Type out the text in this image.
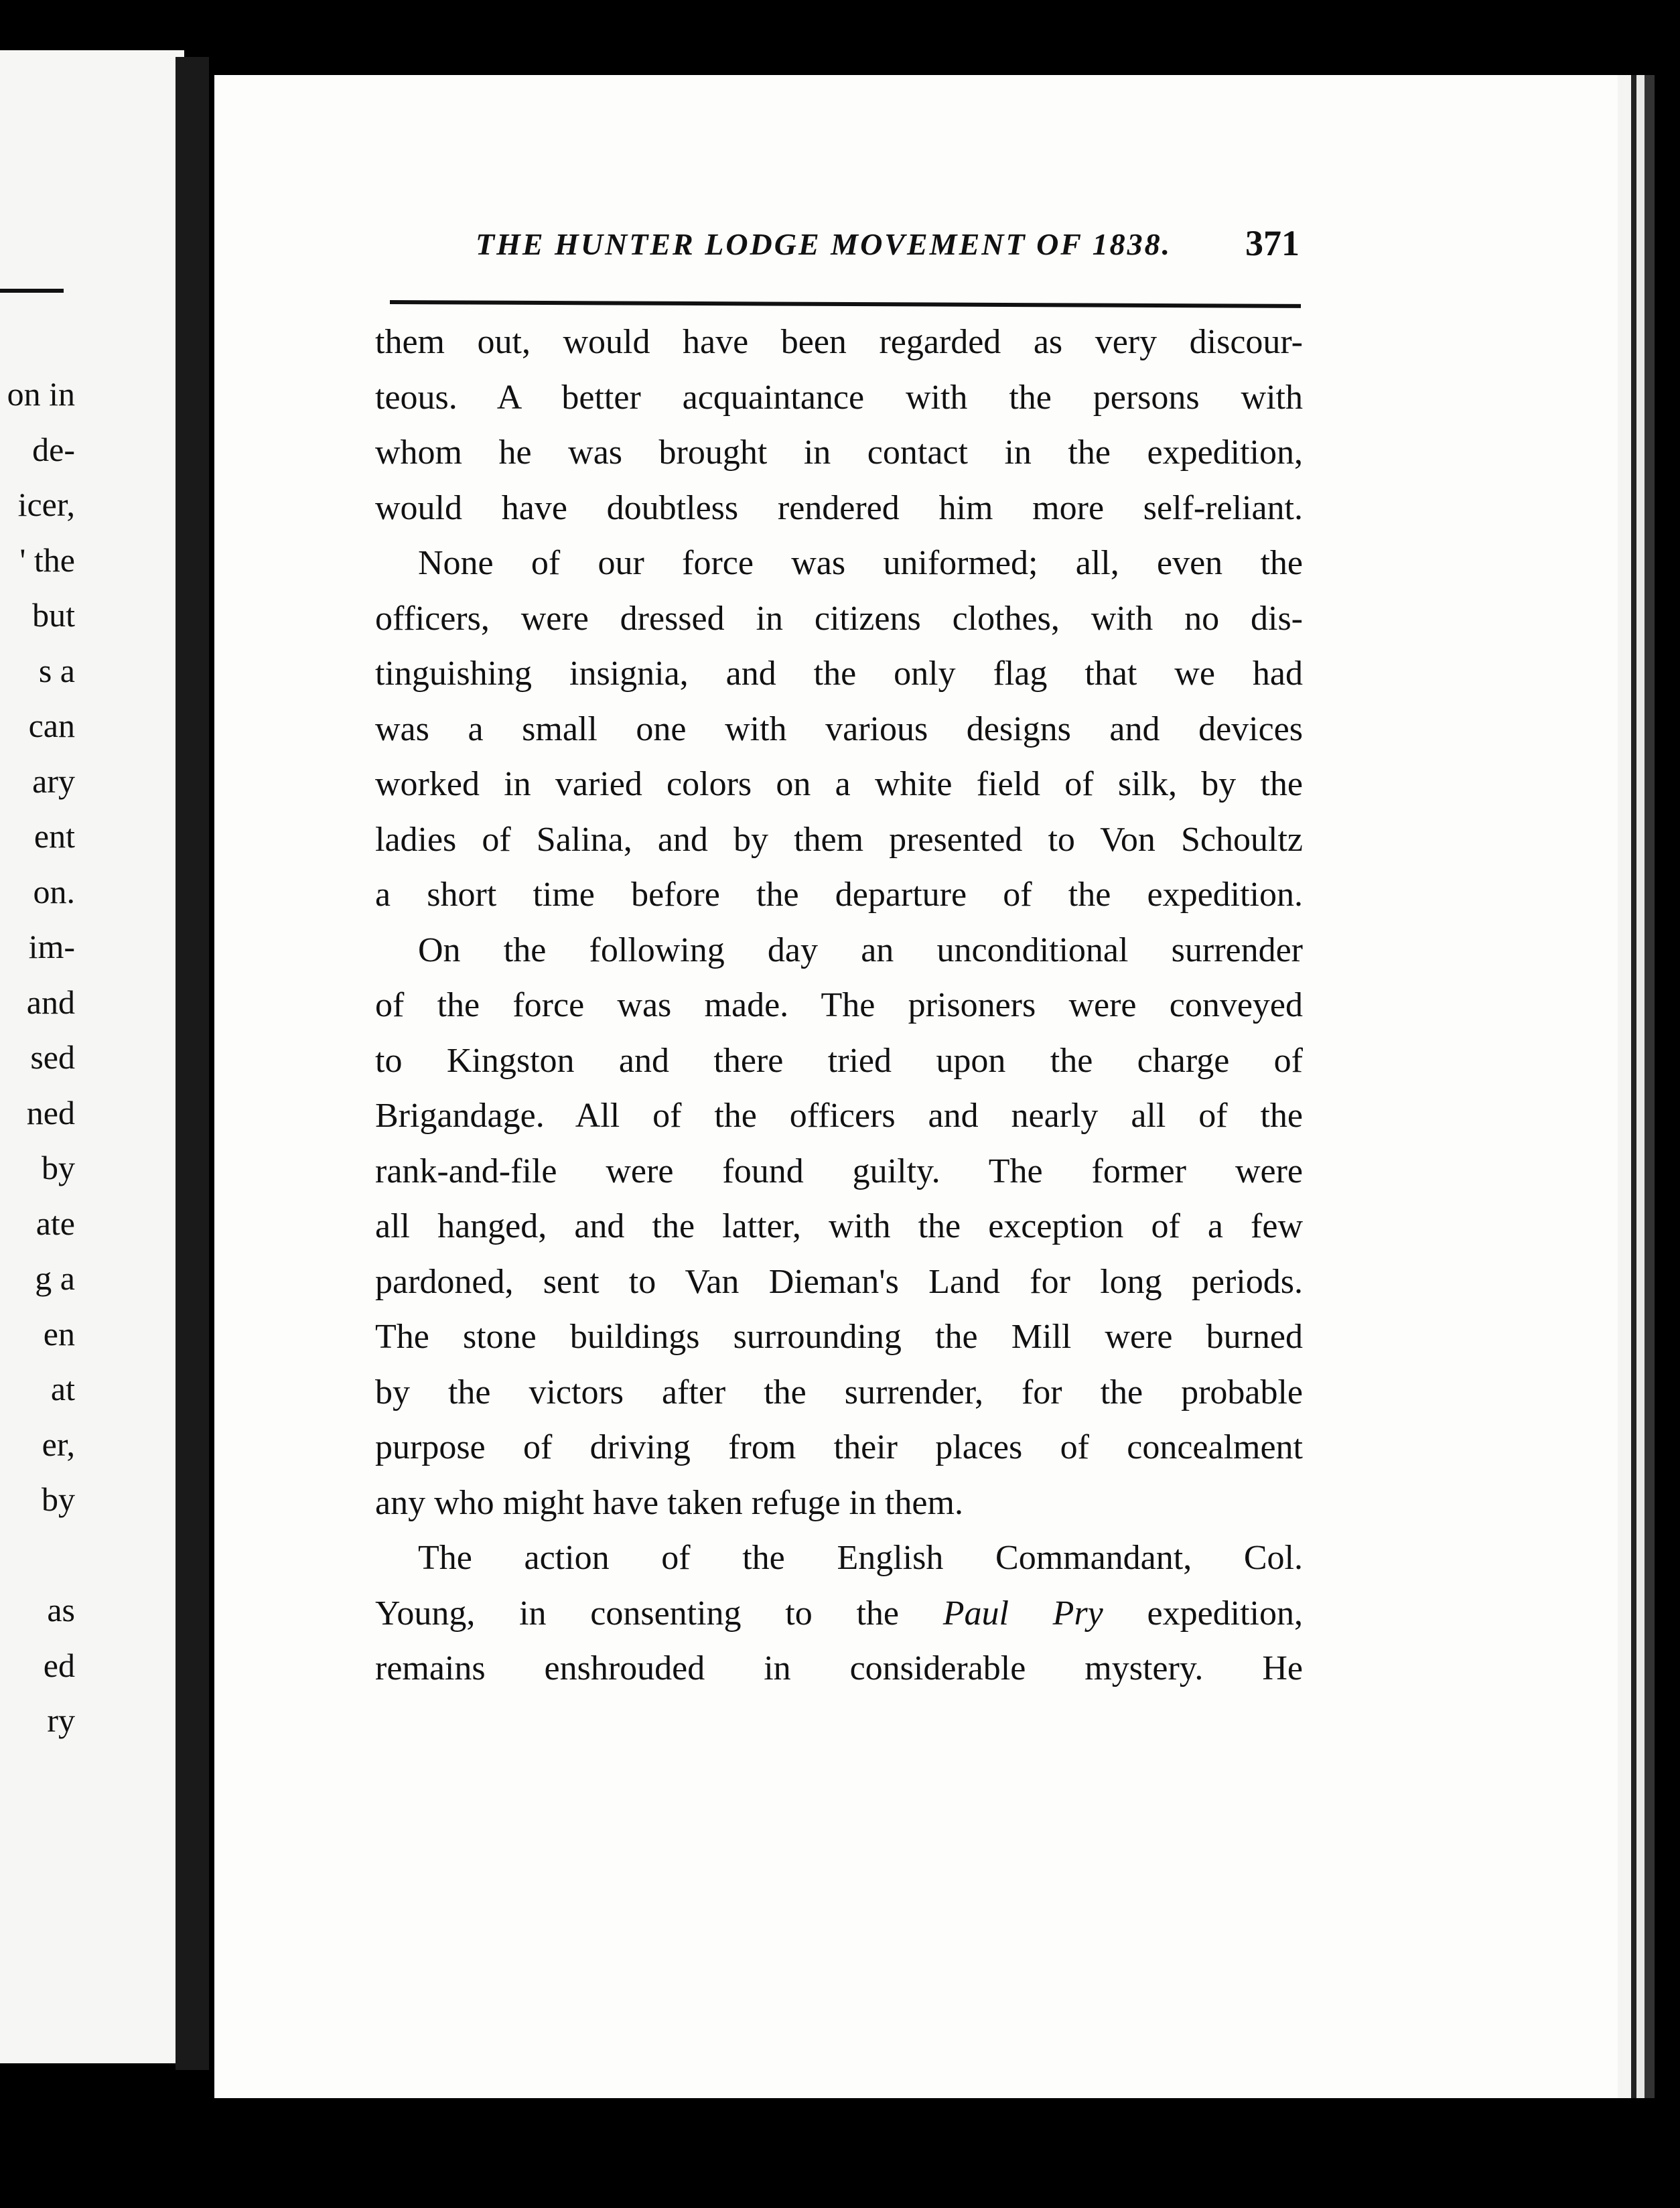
on in
de-
icer,
' the
but
s a
can
ary
ent
on.
im-
and
sed
ned
by
ate
g a
en
at
er,
by
as
ed
ry
THE HUNTER LODGE MOVEMENT OF 1838. 371
them out, would have been regarded as very discour-
teous. A better acquaintance with the persons with
whom he was brought in contact in the expedition,
would have doubtless rendered him more self-reliant.
None of our force was uniformed; all, even the
officers, were dressed in citizens clothes, with no dis-
tinguishing insignia, and the only flag that we had
was a small one with various designs and devices
worked in varied colors on a white field of silk, by the
ladies of Salina, and by them presented to Von Schoultz
a short time before the departure of the expedition.
On the following day an unconditional surrender
of the force was made. The prisoners were conveyed
to Kingston and there tried upon the charge of
Brigandage. All of the officers and nearly all of the
rank-and-file were found guilty. The former were
all hanged, and the latter, with the exception of a few
pardoned, sent to Van Dieman's Land for long periods.
The stone buildings surrounding the Mill were burned
by the victors after the surrender, for the probable
purpose of driving from their places of concealment
any who might have taken refuge in them.
The action of the English Commandant, Col.
Young, in consenting to the Paul Pry expedition,
remains enshrouded in considerable mystery. He
